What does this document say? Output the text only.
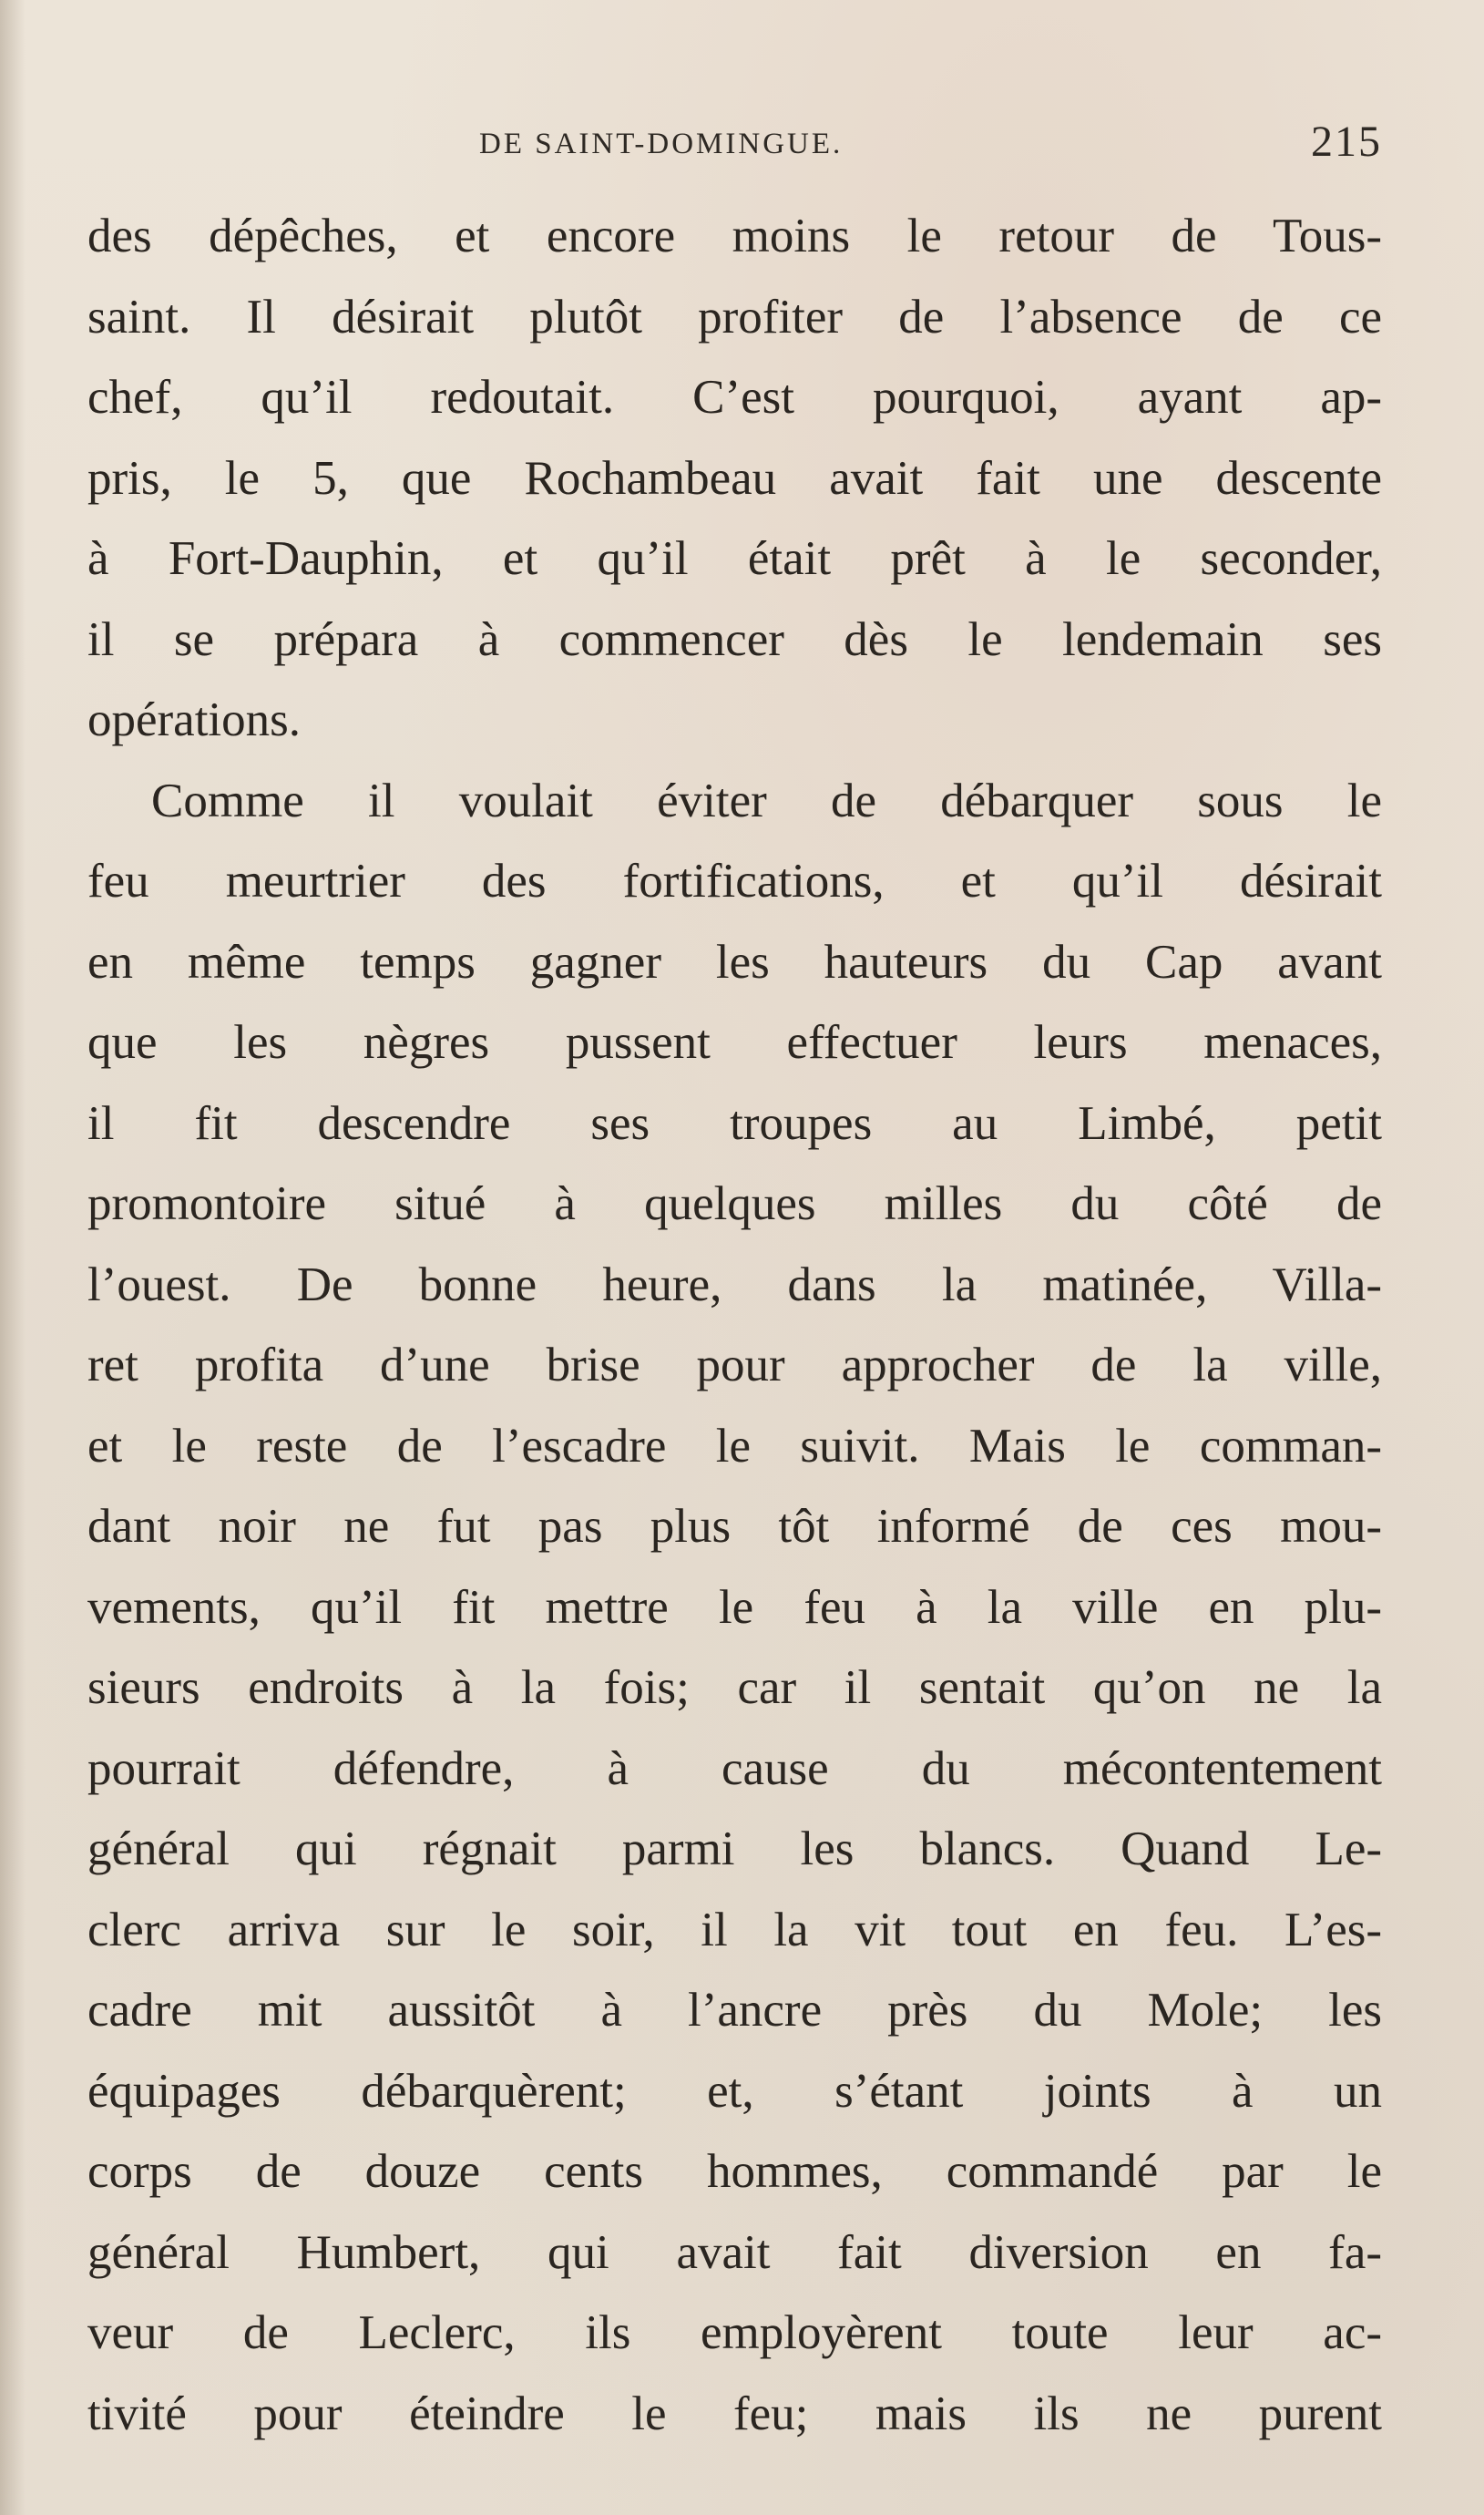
DE SAINT-DOMINGUE.	215
des dépêches, et encore moins le retour de Tous-
saint. Il désirait plutôt profiter de l’absence de ce
chef, qu’il redoutait. C’est pourquoi, ayant ap-
pris, le 5, que Rochambeau avait fait une descente
à Fort-Dauphin, et qu’il était prêt à le seconder,
il se prépara à commencer dès le lendemain ses
opérations.
Comme il voulait éviter de débarquer sous le
feu meurtrier des fortifications, et qu’il désirait
en même temps gagner les hauteurs du Cap avant
que les nègres pussent effectuer leurs menaces,
il fit descendre ses troupes au Limbé, petit
promontoire situé à quelques milles du côté de
l’ouest. De bonne heure, dans la matinée, Villa-
ret profita d’une brise pour approcher de la ville,
et le reste de l’escadre le suivit. Mais le comman-
dant noir ne fut pas plus tôt informé de ces mou-
vements, qu’il fit mettre le feu à la ville en plu-
sieurs endroits à la fois; car il sentait qu’on ne la
pourrait défendre, à cause du mécontentement
général qui régnait parmi les blancs. Quand Le-
clerc arriva sur le soir, il la vit tout en feu. L’es-
cadre mit aussitôt à l’ancre près du Mole; les
équipages débarquèrent; et, s’étant joints à un
corps de douze cents hommes, commandé par le
général Humbert, qui avait fait diversion en fa-
veur de Leclerc, ils employèrent toute leur ac-
tivité pour éteindre le feu; mais ils ne purent
